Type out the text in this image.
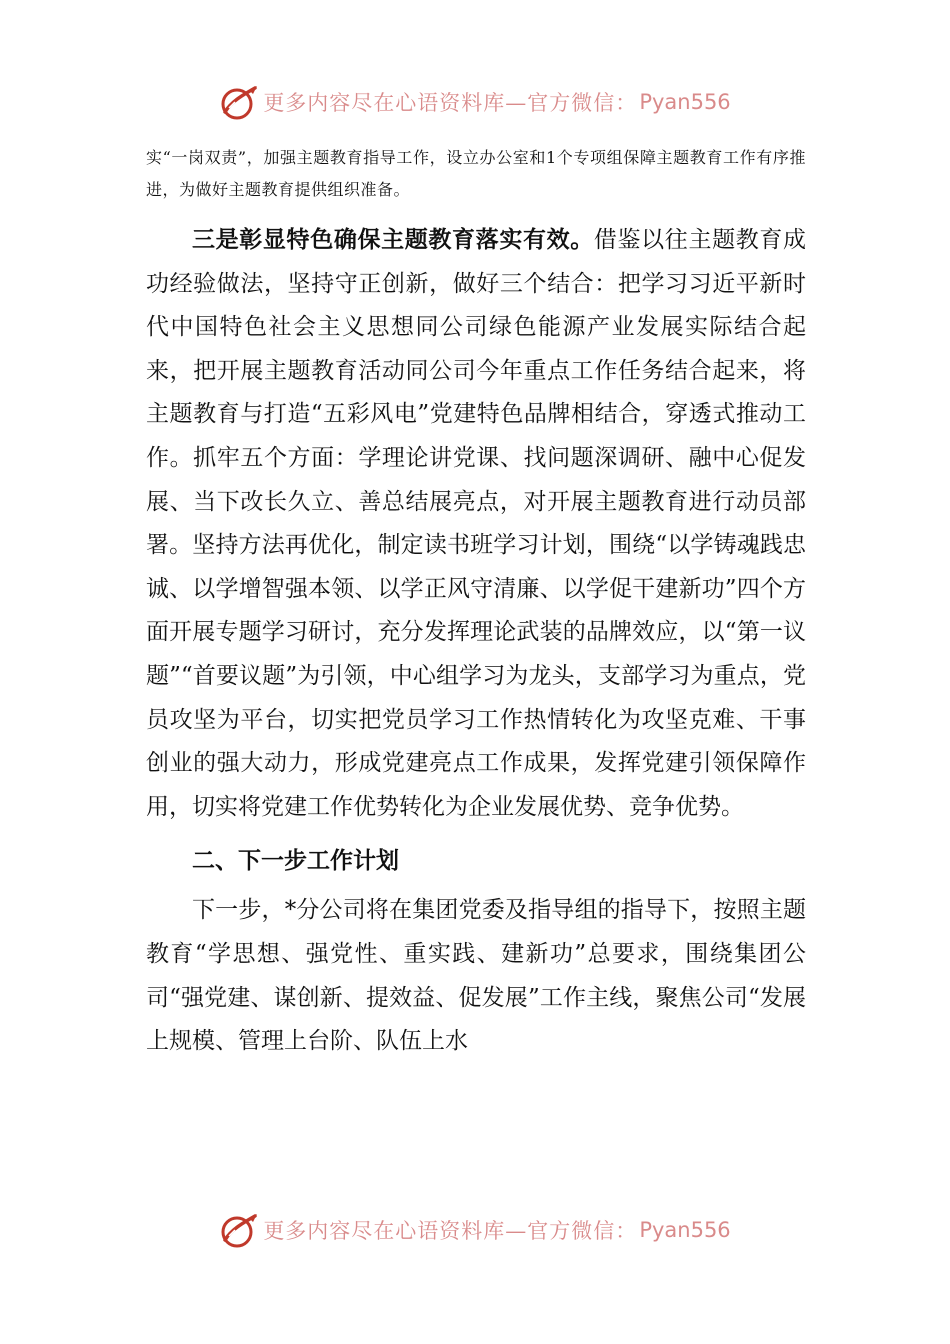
更多内容尽在心语资料库—官方微信： Pyan556

实“一岗双责”，加强主题教育指导工作，设立办公室和1个专项组保障主题教育工作有序推进，为做好主题教育提供组织准备。

三是彰显特色确保主题教育落实有效。借鉴以往主题教育成功经验做法，坚持守正创新，做好三个结合：把学习习近平新时代中国特色社会主义思想同公司绿色能源产业发展实际结合起来，把开展主题教育活动同公司今年重点工作任务结合起来，将主题教育与打造“五彩风电”党建特色品牌相结合，穿透式推动工作。抓牢五个方面：学理论讲党课、找问题深调研、融中心促发展、当下改长久立、善总结展亮点，对开展主题教育进行动员部署。坚持方法再优化，制定读书班学习计划，围绕“以学铸魂践忠诚、以学增智强本领、以学正风守清廉、以学促干建新功”四个方面开展专题学习研讨，充分发挥理论武装的品牌效应，以“第一议题”“首要议题”为引领，中心组学习为龙头，支部学习为重点，党员攻坚为平台，切实把党员学习工作热情转化为攻坚克难、干事创业的强大动力，形成党建亮点工作成果，发挥党建引领保障作用，切实将党建工作优势转化为企业发展优势、竞争优势。

二、下一步工作计划

下一步，*分公司将在集团党委及指导组的指导下，按照主题教育“学思想、强党性、重实践、建新功”总要求，围绕集团公司“强党建、谋创新、提效益、促发展”工作主线，聚焦公司“发展上规模、管理上台阶、队伍上水

更多内容尽在心语资料库—官方微信： Pyan556
